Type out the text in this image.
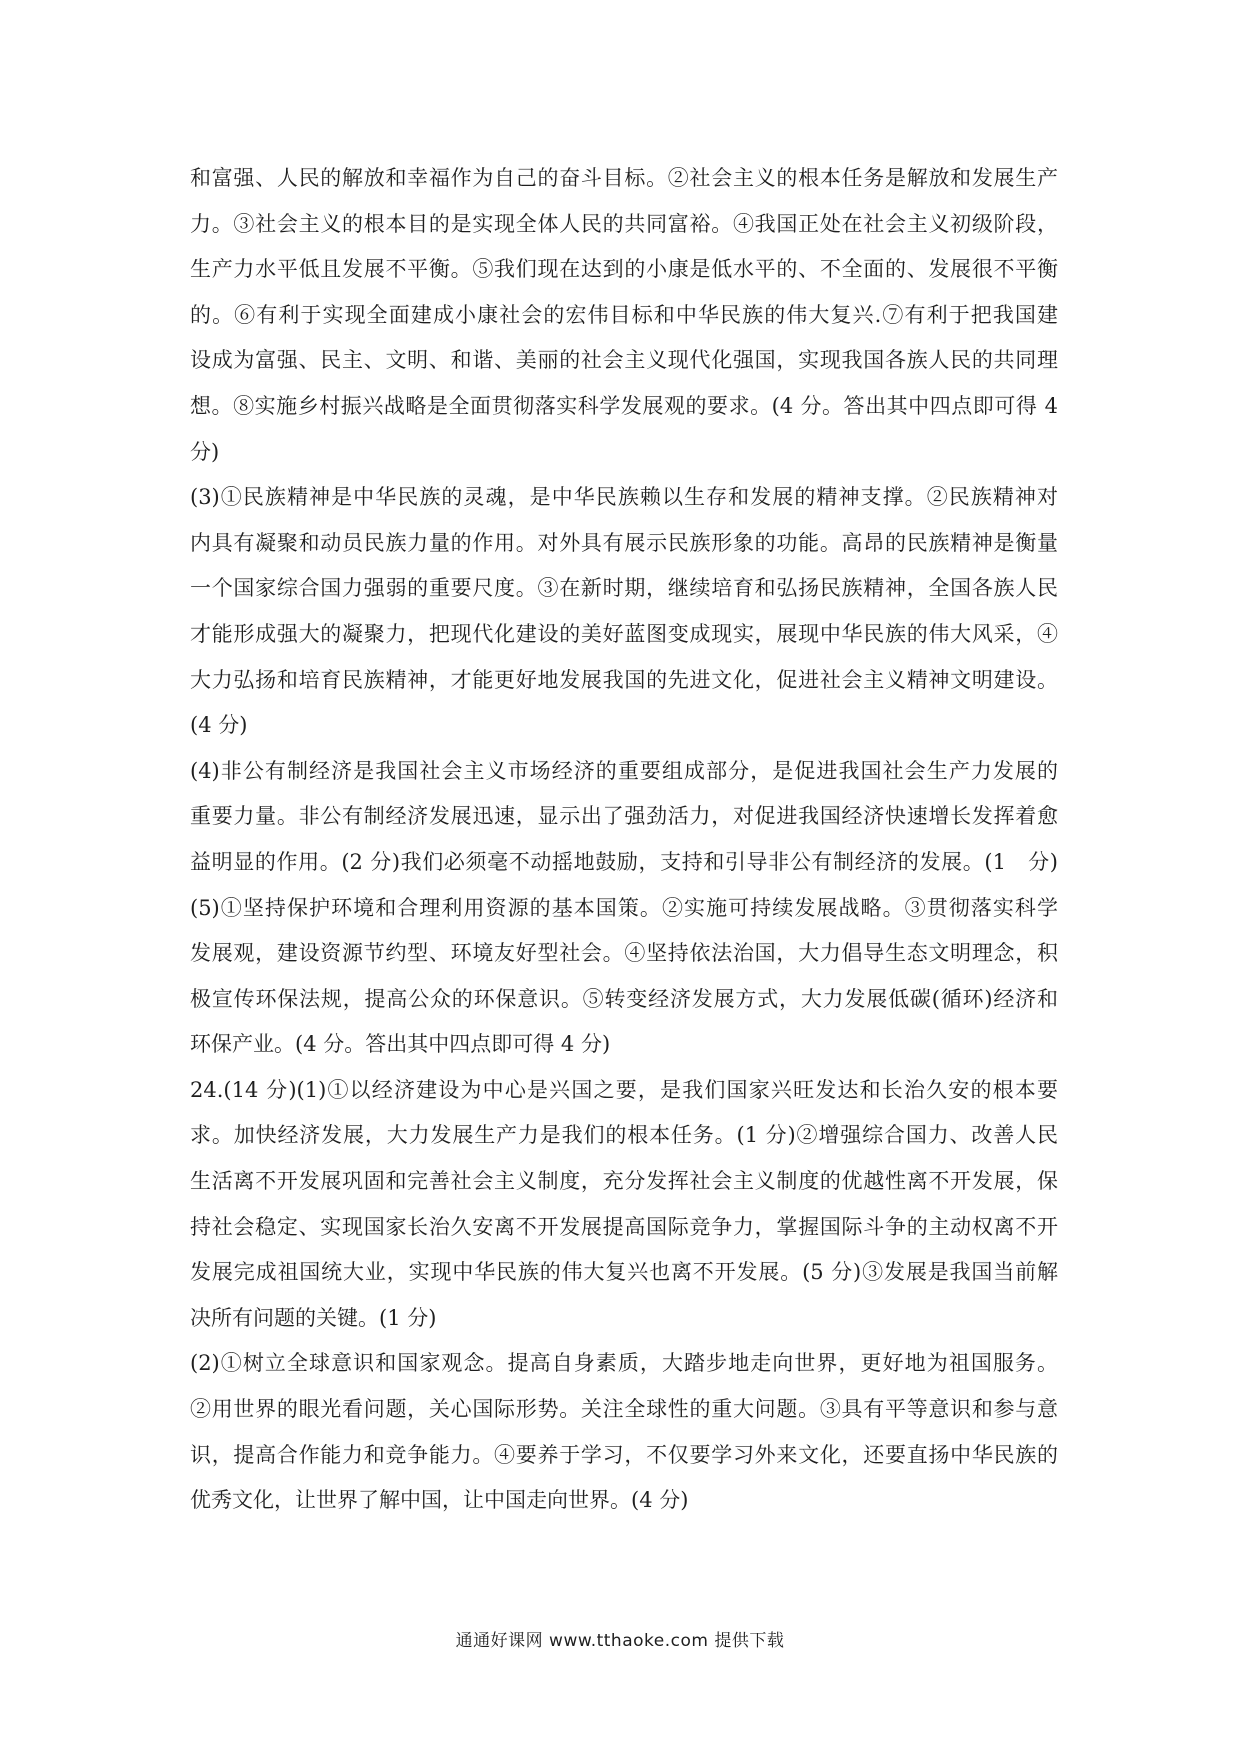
和富强、人民的解放和幸福作为自己的奋斗目标。②社会主义的根本任务是解放和发展生产
力。③社会主义的根本目的是实现全体人民的共同富裕。④我国正处在社会主义初级阶段，
生产力水平低且发展不平衡。⑤我们现在达到的小康是低水平的、不全面的、发展很不平衡
的。⑥有利于实现全面建成小康社会的宏伟目标和中华民族的伟大复兴.⑦有利于把我国建
设成为富强、民主、文明、和谐、美丽的社会主义现代化强国，实现我国各族人民的共同理
想。⑧实施乡村振兴战略是全面贯彻落实科学发展观的要求。(4 分。答出其中四点即可得 4
分)
(3)①民族精神是中华民族的灵魂，是中华民族赖以生存和发展的精神支撑。②民族精神对
内具有凝聚和动员民族力量的作用。对外具有展示民族形象的功能。高昂的民族精神是衡量
一个国家综合国力强弱的重要尺度。③在新时期，继续培育和弘扬民族精神，全国各族人民
才能形成强大的凝聚力，把现代化建设的美好蓝图变成现实，展现中华民族的伟大风采，④
大力弘扬和培育民族精神，才能更好地发展我国的先进文化，促进社会主义精神文明建设。
(4 分)
(4)非公有制经济是我国社会主义市场经济的重要组成部分，是促进我国社会生产力发展的
重要力量。非公有制经济发展迅速，显示出了强劲活力，对促进我国经济快速增长发挥着愈
益明显的作用。(2 分)我们必须毫不动摇地鼓励，支持和引导非公有制经济的发展。(1　分)
(5)①坚持保护环境和合理利用资源的基本国策。②实施可持续发展战略。③贯彻落实科学
发展观，建设资源节约型、环境友好型社会。④坚持依法治国，大力倡导生态文明理念，积
极宣传环保法规，提高公众的环保意识。⑤转变经济发展方式，大力发展低碳(循环)经济和
环保产业。(4 分。答出其中四点即可得 4 分)
24.(14 分)(1)①以经济建设为中心是兴国之要，是我们国家兴旺发达和长治久安的根本要
求。加快经济发展，大力发展生产力是我们的根本任务。(1 分)②增强综合国力、改善人民
生活离不开发展巩固和完善社会主义制度，充分发挥社会主义制度的优越性离不开发展，保
持社会稳定、实现国家长治久安离不开发展提高国际竞争力，掌握国际斗争的主动权离不开
发展完成祖国统大业，实现中华民族的伟大复兴也离不开发展。(5 分)③发展是我国当前解
决所有问题的关键。(1 分)
(2)①树立全球意识和国家观念。提高自身素质，大踏步地走向世界，更好地为祖国服务。
②用世界的眼光看问题，关心国际形势。关注全球性的重大问题。③具有平等意识和参与意
识，提高合作能力和竞争能力。④要养于学习，不仅要学习外来文化，还要直扬中华民族的
优秀文化，让世界了解中国，让中国走向世界。(4 分)
通通好课网 www.tthaoke.com 提供下载
